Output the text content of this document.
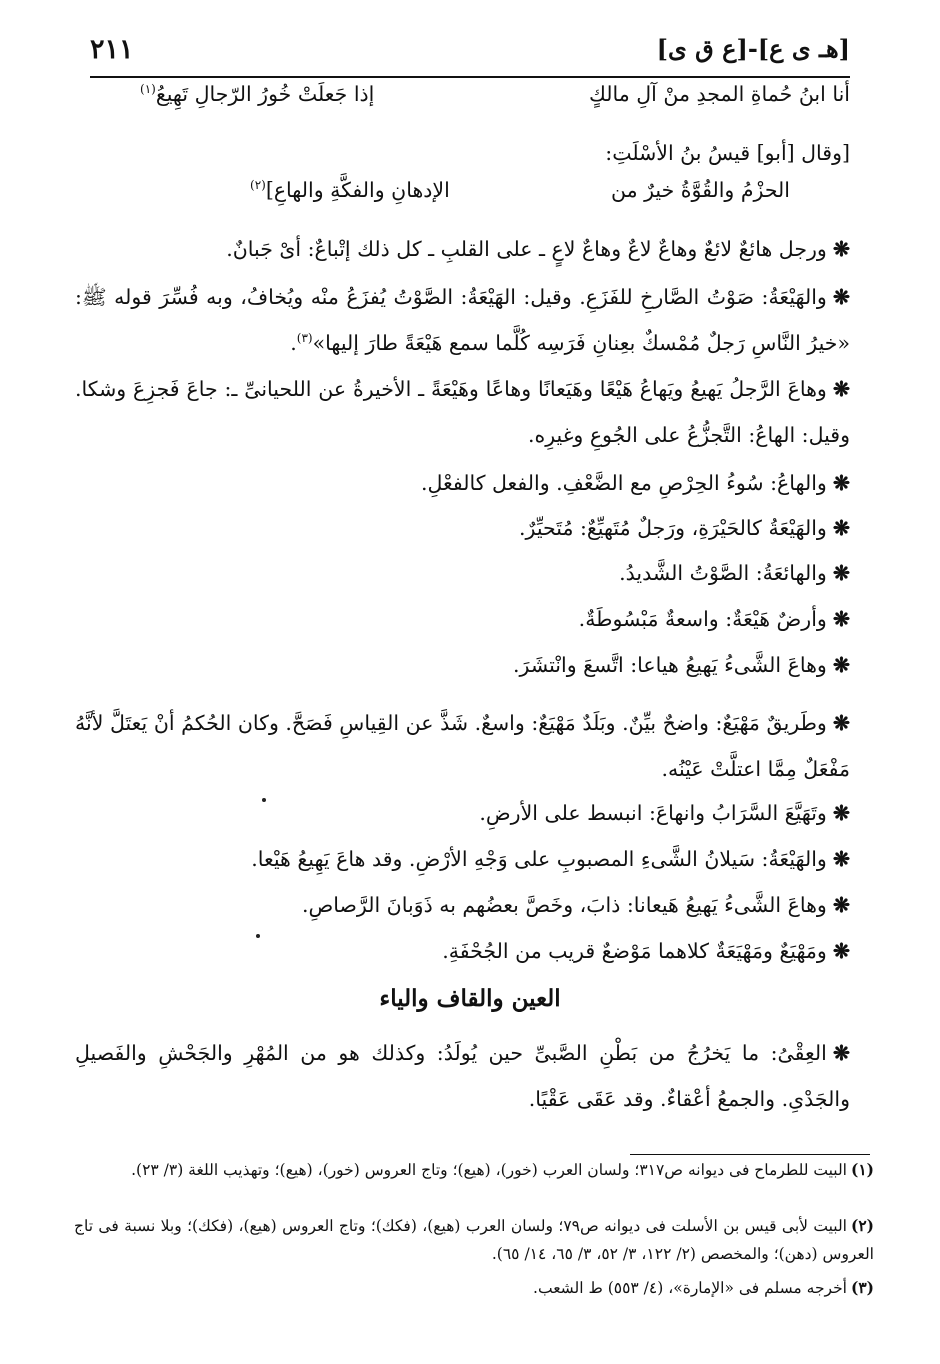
٢١١	[هـ ى ع]-[ع ق ى]
أنا ابنُ حُماةِ المجدِ منْ آلِ مالكٍ
إذا جَعلَتْ خُورُ الرّجالِ تَهِيعُ$^{(١)}$
[وقال [أبو] قيسُ بنُ الأسْلَتِ:
الحزْمُ والقُوَّةُ خيرٌ من
الإدهانِ والفكَّةِ والهاعِ]$^{(٢)}$
❋ورجل هائعٌ لائعٌ وهاعٌ لاعٌ وهاعٌ لاعٍ ـ على القلبِ ـ كل ذلك إتْباعٌ: أىْ جَبانٌ.
❋والهَيْعَةُ: صَوْتُ الصَّارخِ للفَزَعِ. وقيل: الهَيْعَةُ: الصَّوْتُ يُفزَعُ منْه ويُخافُ، وبه فُسِّرَ قوله ﷺ: «خيرُ النَّاسِ رَجلٌ مُمْسكٌ بعِنانِ فَرَسِه كُلَّما سمع هَيْعَةً طارَ إليها»$^{(٣)}$.
❋وهاعَ الرَّجلُ يَهيعُ ويَهاعُ هَيْعًا وهَيَعانًا وهاعًا وهَيْعَةً ـ الأخيرةُ عن اللحيانىِّ ـ: جاعَ فَجزِعَ وشكا. وقيل: الهاعُ: التَّجزُّعُ على الجُوعِ وغيرِه.
❋والهاعُ: سُوءُ الحِرْصِ مع الضَّعْفِ. والفعل كالفعْلِ.
❋والهَيْعَةُ كالحَيْرَةِ، ورَجلٌ مُتَهيِّعٌ: مُتَحيِّرٌ.
❋والهائعَةُ: الصَّوْتُ الشَّديدُ.
❋وأرضٌ هَيْعَةٌ: واسعةٌ مَبْسُوطَةٌ.
❋وهاعَ الشَّىءُ يَهيعُ هياعا: اتَّسعَ وانْتشَرَ.
❋وطَريقٌ مَهْيَعٌ: واضحٌ بيِّنٌ. وبَلَدٌ مَهْيَعٌ: واسعٌ. شَذَّ عن القِياسِ فَصَحَّ. وكان الحُكمُ أنْ يَعتَلَّ لأنَّهُ مَفْعَلٌ مِمَّا اعتلَّتْ عَيْنُه.
❋وتَهَيَّعَ السَّرَابُ وانهاعَ: انبسط على الأرضِ.
❋والهَيْعَةُ: سَيلانُ الشَّىءِ المصبوبِ على وَجْهِ الأرْضِ. وقد هاعَ يَهِيعُ هَيْعا.
❋وهاعَ الشَّىءُ يَهيعُ هَيعانا: ذابَ، وخَصَّ بعضُهم به ذَوَبانَ الرَّصاصِ.
❋ومَهْيَعٌ ومَهْيَعَةٌ كلاهما مَوْضعٌ قريب من الجُحْفَةِ.
العين والقاف والياء
❋العِقْىُ: ما يَخرُجُ من بَطْنِ الصَّبىِّ حين يُولَدُ: وكذلك هو من المُهْرِ والجَحْشِ والفَصيلِ والجَدْىِ. والجمعُ أعْقاءٌ. وقد عَقَى عَقْيًا.
(١)البيت للطرماح فى ديوانه ص٣١٧؛ ولسان العرب (خور)، (هيع)؛ وتاج العروس (خور)، (هيع)؛ وتهذيب اللغة (٣/ ٢٣).
(٢)البيت لأبى قيس بن الأسلت فى ديوانه ص٧٩؛ ولسان العرب (هيع)، (فكك)؛ وتاج العروس (هيع)، (فكك)؛ وبلا نسبة فى تاج العروس (دهن)؛ والمخصص (٢/ ١٢٢، ٣/ ٥٢، ٣/ ٦٥، ١٤/ ٦٥).
(٣)أخرجه مسلم فى «الإمارة»، (٤/ ٥٥٣) ط الشعب.
